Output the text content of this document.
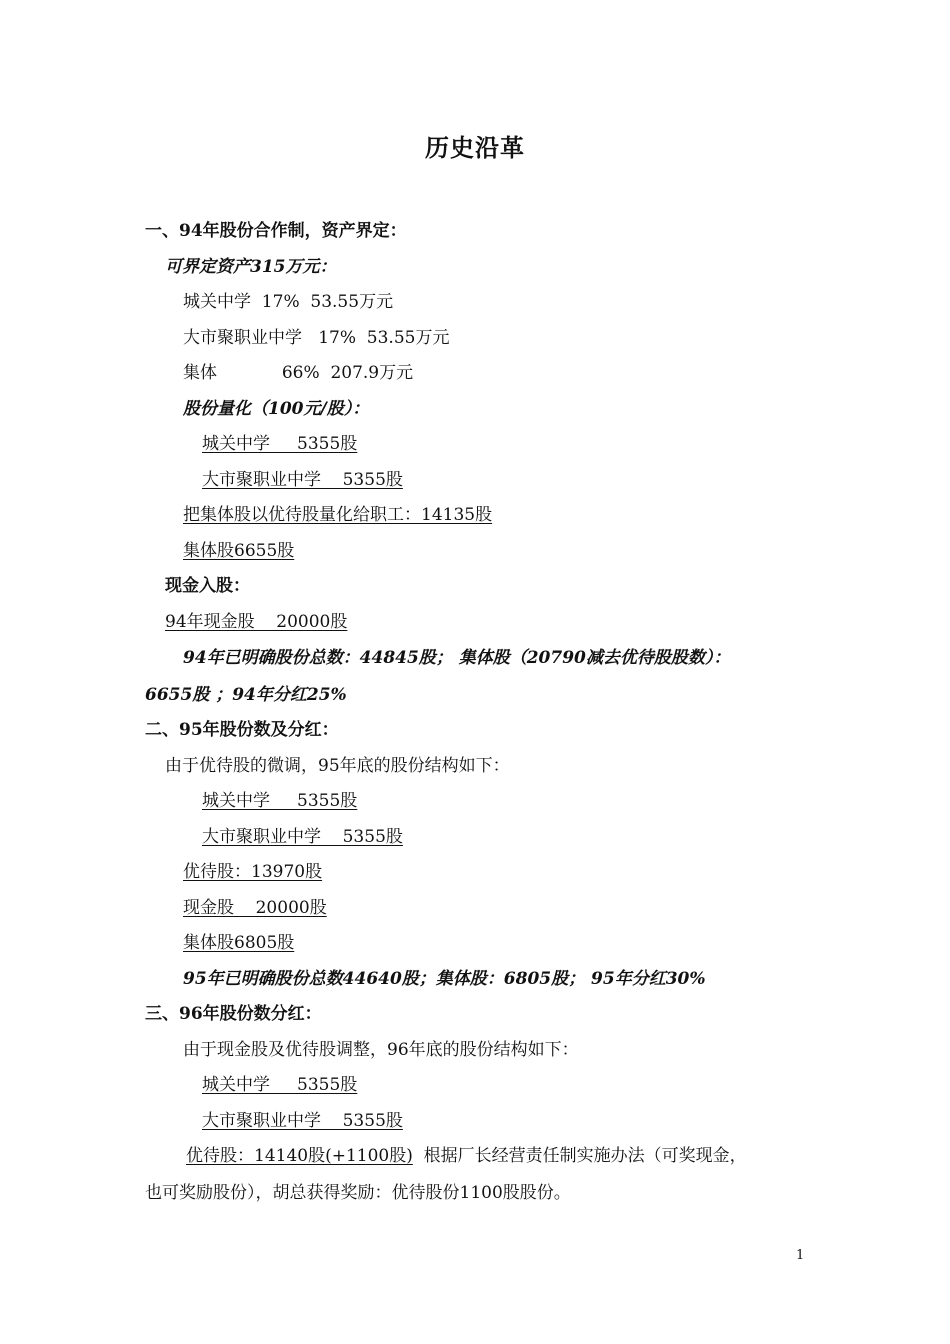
历史沿革
一、94年股份合作制，资产界定：
可界定资产315万元：
城关中学  17%  53.55万元
大市聚职业中学   17%  53.55万元
集体            66%  207.9万元
股份量化（100元/股）：
城关中学     5355股
大市聚职业中学    5355股
把集体股以优待股量化给职工：14135股
集体股6655股
现金入股：
94年现金股    20000股
94年已明确股份总数：44845股； 集体股（20790减去优待股股数）：
6655股 ；94年分红25%
二、95年股份数及分红：
由于优待股的微调，95年底的股份结构如下：
城关中学     5355股
大市聚职业中学    5355股
优待股：13970股
现金股    20000股
集体股6805股
95年已明确股份总数44640股；集体股：6805股； 95年分红30%
三、96年股份数分红：
由于现金股及优待股调整，96年底的股份结构如下：
城关中学     5355股
大市聚职业中学    5355股
优待股：14140股(+1100股)  根据厂长经营责任制实施办法（可奖现金，
也可奖励股份），胡总获得奖励：优待股份1100股股份。
1
